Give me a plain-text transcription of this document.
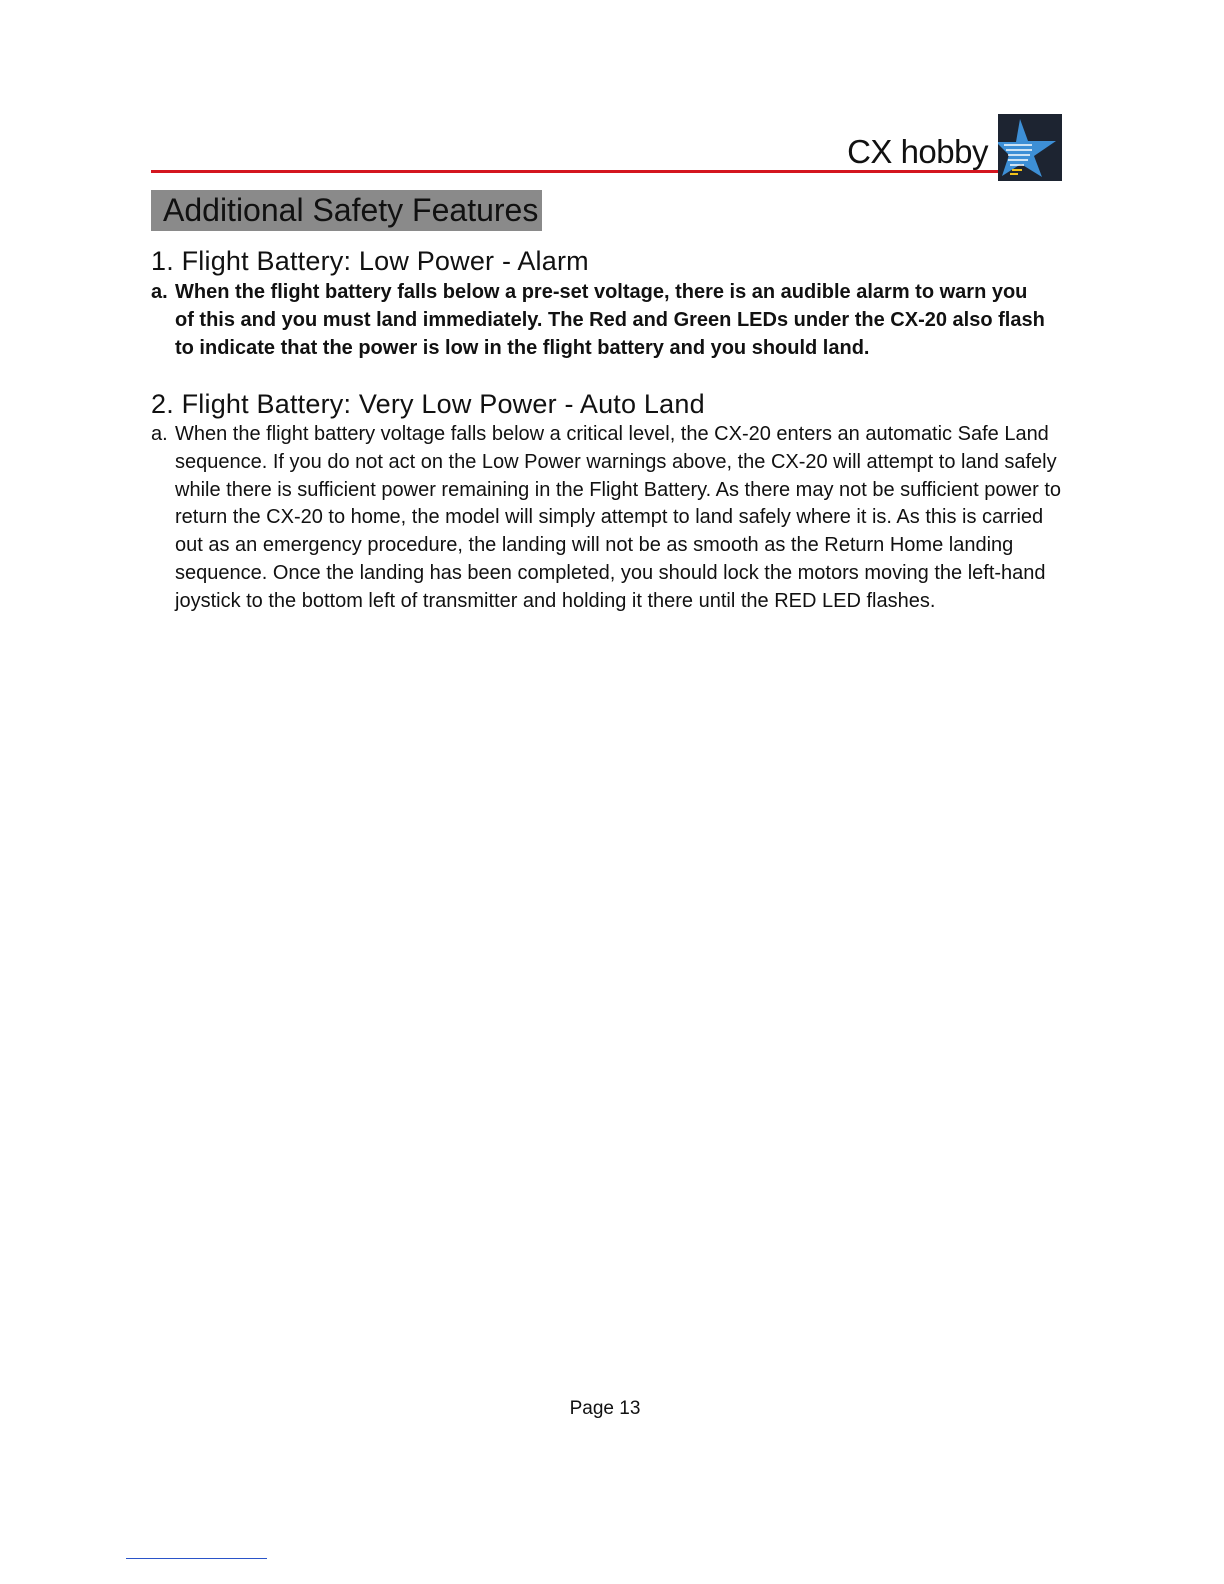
CX hobby
Additional Safety Features
1. Flight Battery: Low Power - Alarm
a. When the flight battery falls below a pre-set voltage, there is an audible alarm to warn you of this and you must land immediately. The Red and Green LEDs under the CX-20 also flash to indicate that the power is low in the flight battery and you should land.
2. Flight Battery: Very Low Power - Auto Land
a. When the flight battery voltage falls below a critical level, the CX-20 enters an automatic Safe Land sequence. If you do not act on the Low Power warnings above, the CX-20 will attempt to land safely while there is sufficient power remaining in the Flight Battery. As there may not be sufficient power to return the CX-20 to home, the model will simply attempt to land safely where it is. As this is carried out as an emergency procedure, the landing will not be as smooth as the Return Home landing sequence. Once the landing has been completed, you should lock the motors moving the left-hand joystick to the bottom left of transmitter and holding it there until the RED LED flashes.
Page 13
